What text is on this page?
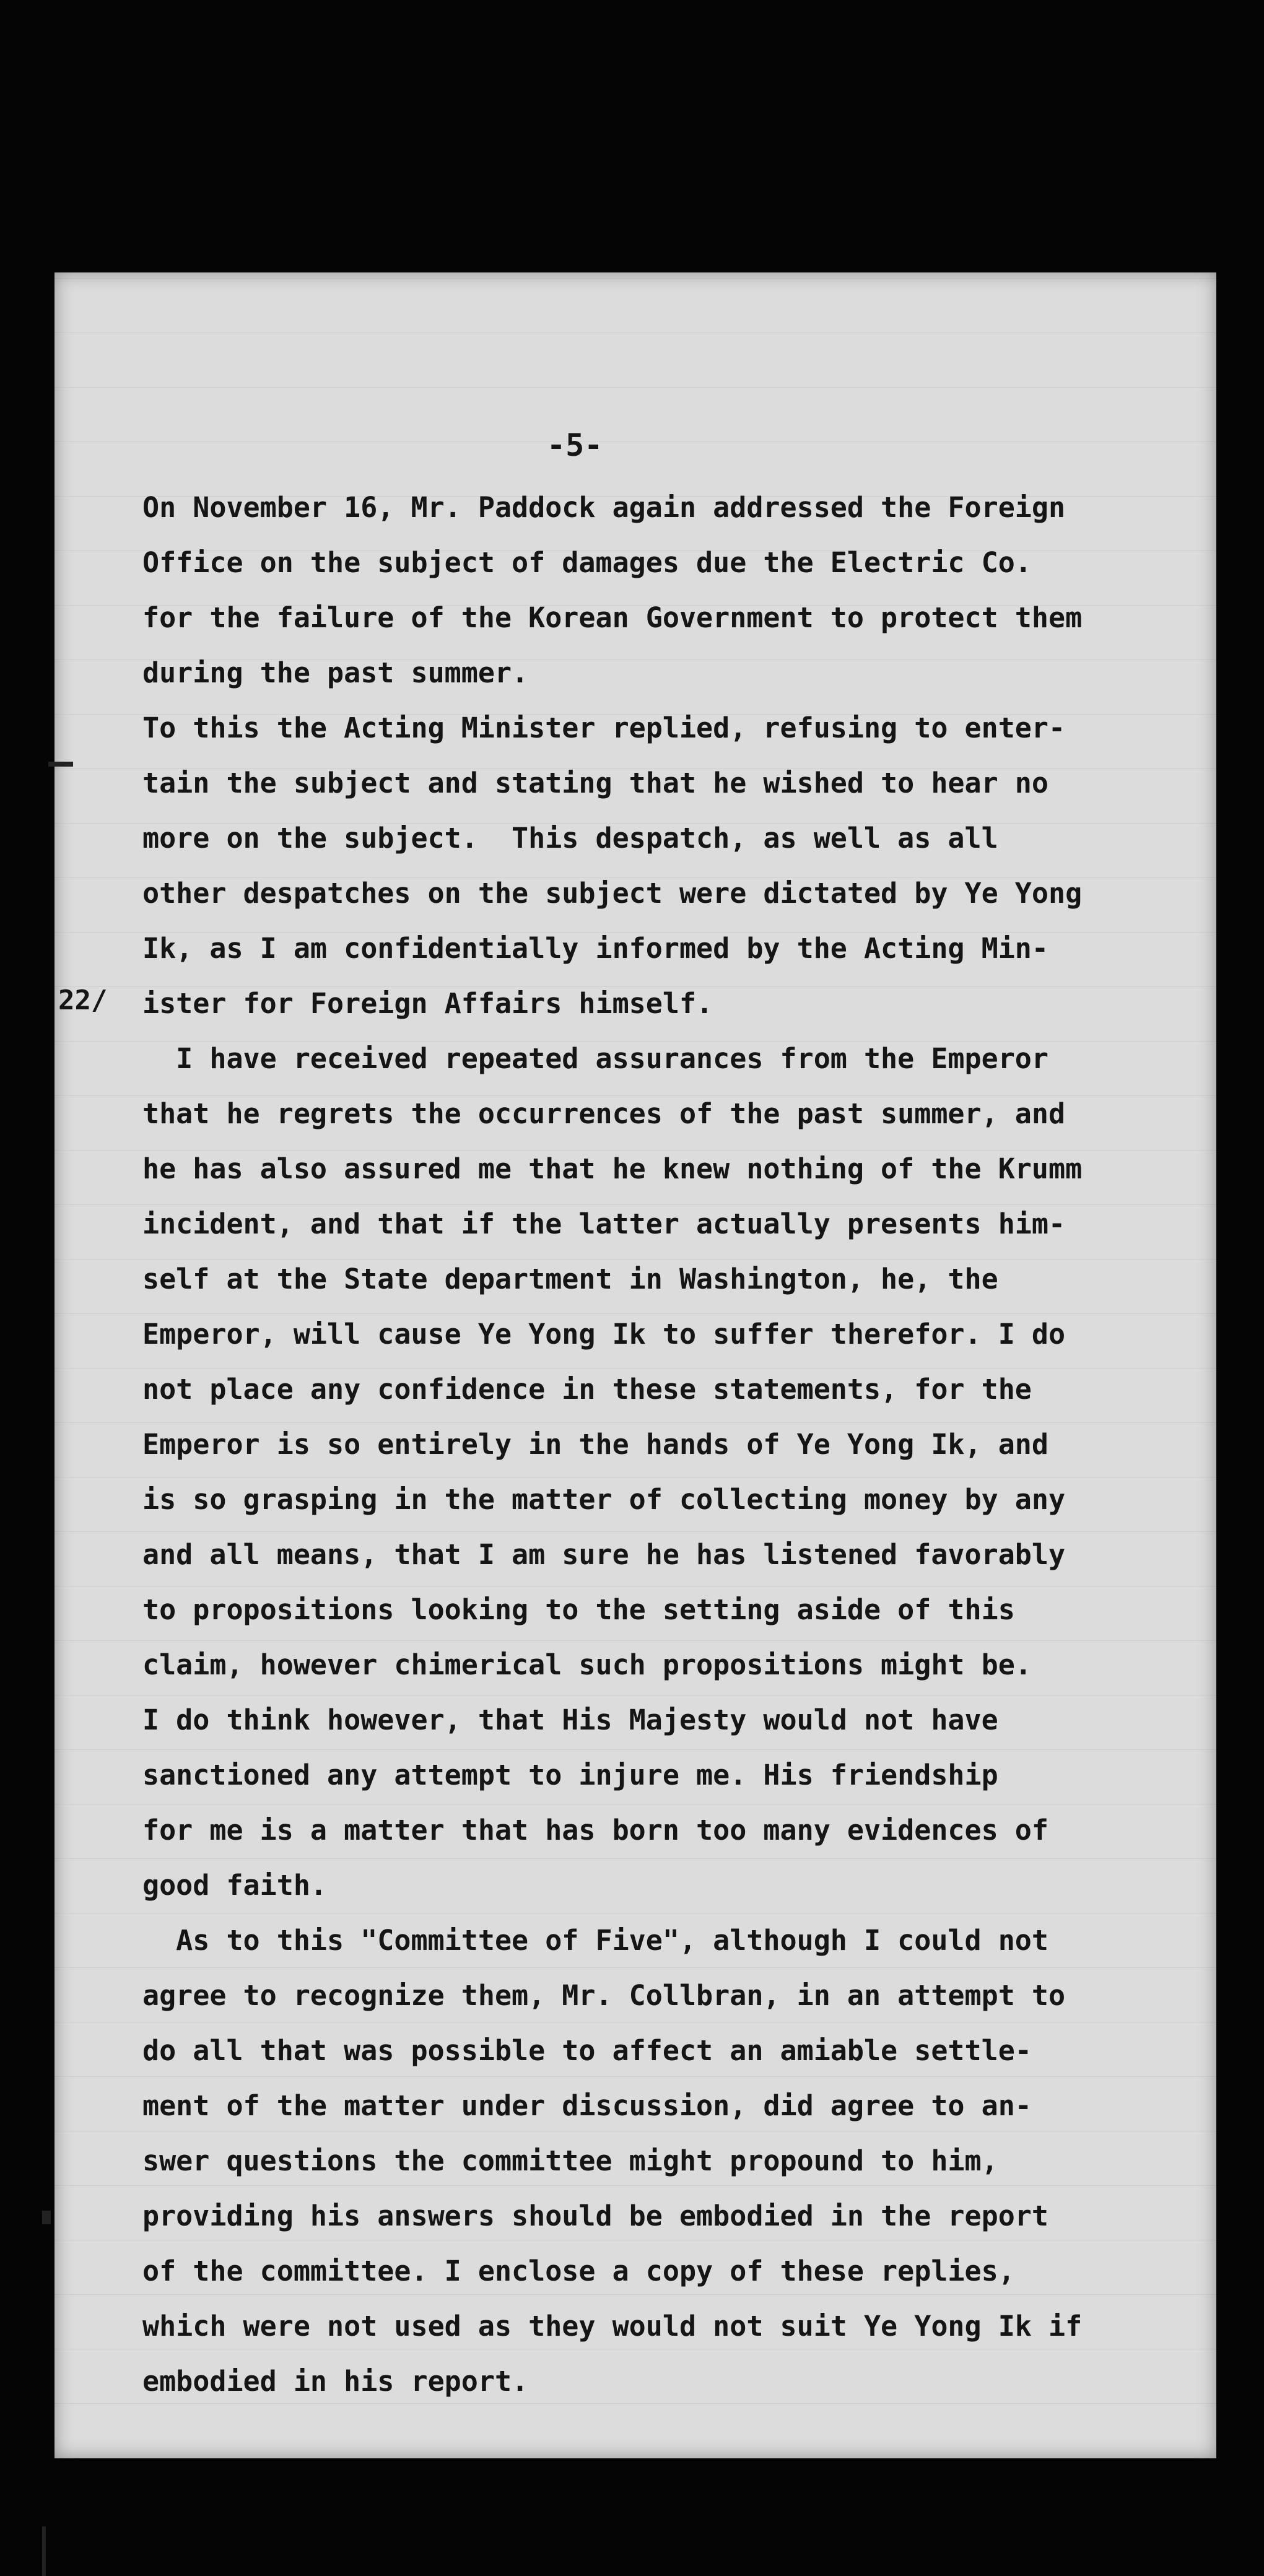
-5-

22/

On November 16, Mr. Paddock again addressed the Foreign

Office on the subject of damages due the Electric Co.

for the failure of the Korean Government to protect them

during the past summer.

To this the Acting Minister replied, refusing to enter-

tain the subject and stating that he wished to hear no

more on the subject.  This despatch, as well as all

other despatches on the subject were dictated by Ye Yong

Ik, as I am confidentially informed by the Acting Min-

ister for Foreign Affairs himself.

I have received repeated assurances from the Emperor

that he regrets the occurrences of the past summer, and

he has also assured me that he knew nothing of the Krumm

incident, and that if the latter actually presents him-

self at the State department in Washington, he, the

Emperor, will cause Ye Yong Ik to suffer therefor. I do

not place any confidence in these statements, for the

Emperor is so entirely in the hands of Ye Yong Ik, and

is so grasping in the matter of collecting money by any

and all means, that I am sure he has listened favorably

to propositions looking to the setting aside of this

claim, however chimerical such propositions might be.

I do think however, that His Majesty would not have

sanctioned any attempt to injure me. His friendship

for me is a matter that has born too many evidences of

good faith.

As to this "Committee of Five", although I could not

agree to recognize them, Mr. Collbran, in an attempt to

do all that was possible to affect an amiable settle-

ment of the matter under discussion, did agree to an-

swer questions the committee might propound to him,

providing his answers should be embodied in the report

of the committee. I enclose a copy of these replies,

which were not used as they would not suit Ye Yong Ik if

embodied in his report.
